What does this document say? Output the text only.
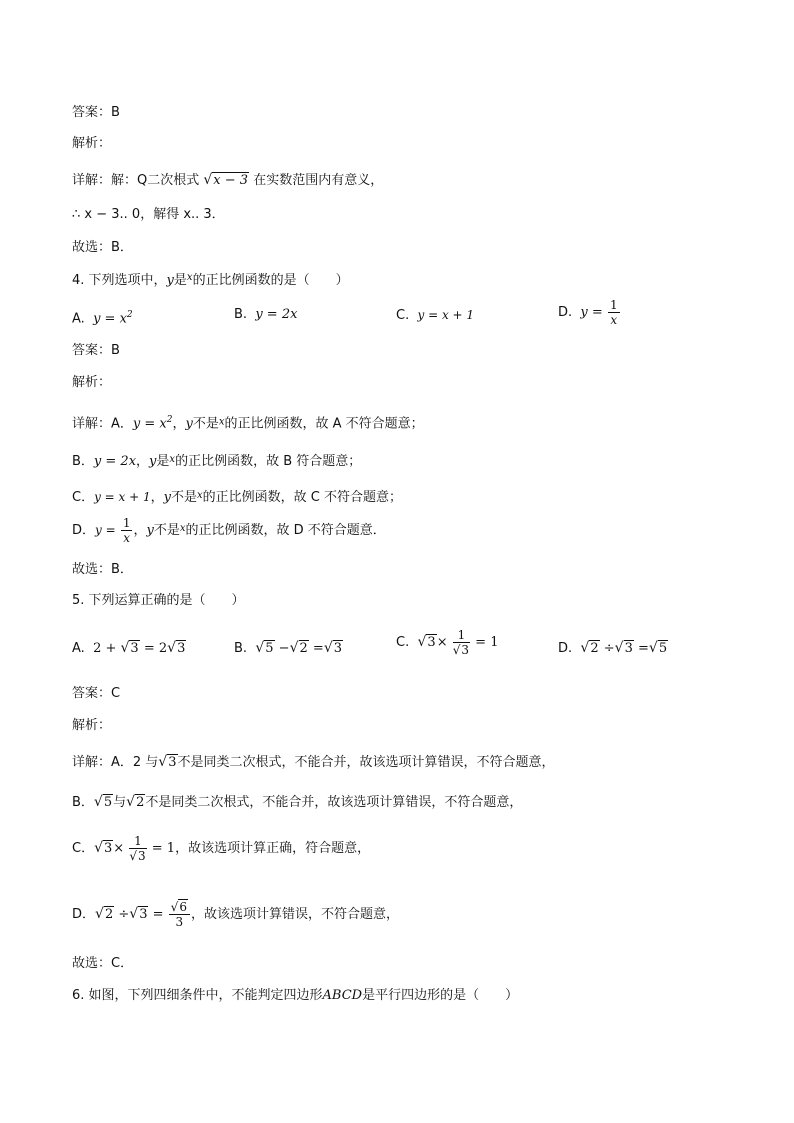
答案：B
解析：
详解：解：Q二次根式 √x − 3 在实数范围内有意义，
∴ x − 3.. 0，解得 x.. 3．
故选：B．
4. 下列选项中，y是$^x$的正比例函数的是（　　）
A. $y = x^2$	B. y = 2x	C. y = x + 1	D. $y = \frac{1}{x}$
答案：B
解析：
详解：A．$y = x^2$，y不是$^x$的正比例函数，故 A 不符合题意；
B．y = 2x，y是$^x$的正比例函数，故 B 符合题意；
C．y = x + 1，y不是$^x$的正比例函数，故 C 不符合题意；
D．$y = \frac{1}{x}$ ，y不是$^x$的正比例函数，故 D 不符合题意．
故选：B．
5. 下列运算正确的是（　　）
A. 2 + √3 = 2√3	B. √5 −√2 =√3	C. $√3\times \frac{1}{√3} = 1$	D. √2 ÷√3 =√5
答案：C
解析：
详解：A．2 与√3不是同类二次根式，不能合并，故该选项计算错误，不符合题意，
B．√5与√2不是同类二次根式，不能合并，故该选项计算错误，不符合题意，
C．$√3\times \frac{1}{√3} = 1$，故该选项计算正确，符合题意，
D．$√2 \div√3 = \frac{√6}{3}$ ，故该选项计算错误，不符合题意，
故选：C．
6. 如图，下列四细条件中，不能判定四边形ABCD是平行四边形的是（　　）
